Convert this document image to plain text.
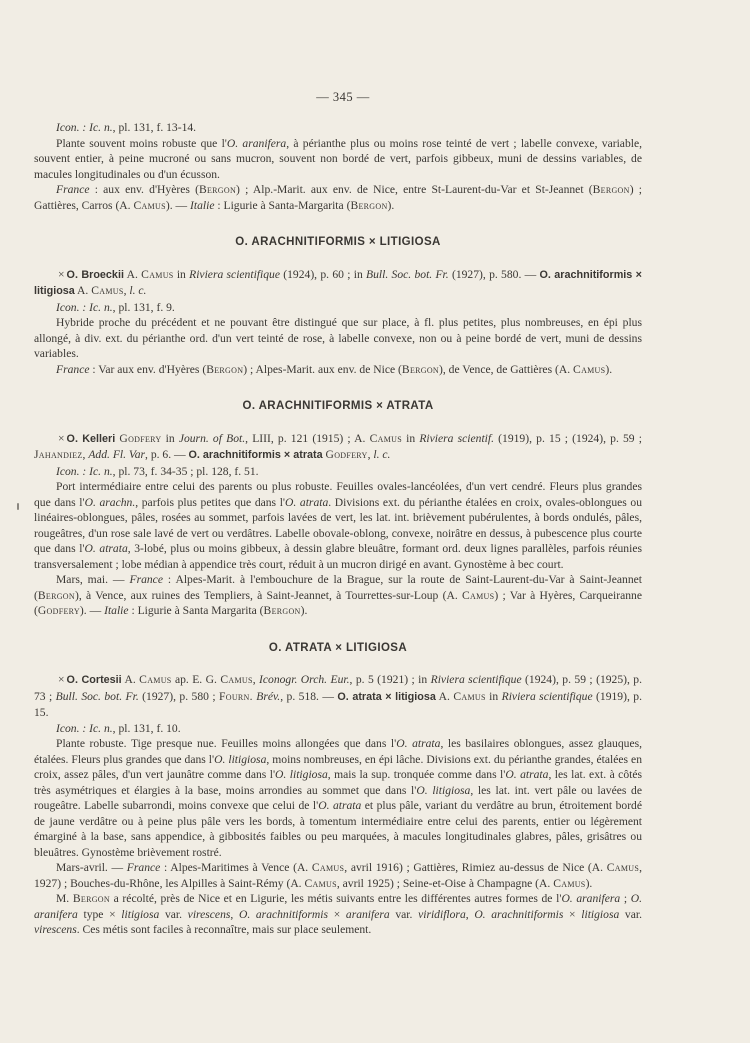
— 345 —

Icon. : Ic. n., pl. 131, f. 13-14.

Plante souvent moins robuste que l'O. aranifera, à périanthe plus ou moins rose teinté de vert ; labelle convexe, variable, souvent entier, à peine mucroné ou sans mucron, souvent non bordé de vert, parfois gibbeux, muni de dessins variables, de macules longitudinales ou d'un écusson.

France : aux env. d'Hyères (Bergon) ; Alp.-Marit. aux env. de Nice, entre St-Laurent-du-Var et St-Jeannet (Bergon) ; Gattières, Carros (A. Camus). — Italie : Ligurie à Santa-Margarita (Bergon).

O. ARACHNITIFORMIS × LITIGIOSA

× O. Broeckii A. Camus in Riviera scientifique (1924), p. 60 ; in Bull. Soc. bot. Fr. (1927), p. 580. — O. arachnitiformis × litigiosa A. Camus, l. c.

Icon. : Ic. n., pl. 131, f. 9.

Hybride proche du précédent et ne pouvant être distingué que sur place, à fl. plus petites, plus nombreuses, en épi plus allongé, à div. ext. du périanthe ord. d'un vert teinté de rose, à labelle convexe, non ou à peine bordé de vert, muni de dessins variables.

France : Var aux env. d'Hyères (Bergon) ; Alpes-Marit. aux env. de Nice (Bergon), de Vence, de Gattières (A. Camus).

O. ARACHNITIFORMIS × ATRATA

× O. Kelleri Godfery in Journ. of Bot., LIII, p. 121 (1915) ; A. Camus in Riviera scientif. (1919), p. 15 ; (1924), p. 59 ; Jahandiez, Add. Fl. Var, p. 6. — O. arachnitiformis × atrata Godfery, l. c.

Icon. : Ic. n., pl. 73, f. 34-35 ; pl. 128, f. 51.

Port intermédiaire entre celui des parents ou plus robuste. Feuilles ovales-lancéolées, d'un vert cendré. Fleurs plus grandes que dans l'O. arachn., parfois plus petites que dans l'O. atrata. Divisions ext. du périanthe étalées en croix, ovales-oblongues ou linéaires-oblongues, pâles, rosées au sommet, parfois lavées de vert, les lat. int. brièvement pubérulentes, à bords ondulés, pâles, rougeâtres, d'un rose sale lavé de vert ou verdâtres. Labelle obovale-oblong, convexe, noirâtre en dessus, à pubescence plus courte que dans l'O. atrata, 3-lobé, plus ou moins gibbeux, à dessin glabre bleuâtre, formant ord. deux lignes parallèles, parfois réunies transversalement ; lobe médian à appendice très court, réduit à un mucron dirigé en avant. Gynostème à bec court.

Mars, mai. — France : Alpes-Marit. à l'embouchure de la Brague, sur la route de Saint-Laurent-du-Var à Saint-Jeannet (Bergon), à Vence, aux ruines des Templiers, à Saint-Jeannet, à Tourrettes-sur-Loup (A. Camus) ; Var à Hyères, Carqueiranne (Godfery). — Italie : Ligurie à Santa Margarita (Bergon).

O. ATRATA × LITIGIOSA

× O. Cortesii A. Camus ap. E. G. Camus, Iconogr. Orch. Eur., p. 5 (1921) ; in Riviera scientifique (1924), p. 59 ; (1925), p. 73 ; Bull. Soc. bot. Fr. (1927), p. 580 ; Fourn. Brév., p. 518. — O. atrata × litigiosa A. Camus in Riviera scientifique (1919), p. 15.

Icon. : Ic. n., pl. 131, f. 10.

Plante robuste. Tige presque nue. Feuilles moins allongées que dans l'O. atrata, les basilaires oblongues, assez glauques, étalées. Fleurs plus grandes que dans l'O. litigiosa, moins nombreuses, en épi lâche. Divisions ext. du périanthe grandes, étalées en croix, assez pâles, d'un vert jaunâtre comme dans l'O. litigiosa, mais la sup. tronquée comme dans l'O. atrata, les lat. ext. à côtés très asymétriques et élargies à la base, moins arrondies au sommet que dans l'O. litigiosa, les lat. int. vert pâle ou lavées de rougeâtre. Labelle subarrondi, moins convexe que celui de l'O. atrata et plus pâle, variant du verdâtre au brun, étroitement bordé de jaune verdâtre ou à peine plus pâle vers les bords, à tomentum intermédiaire entre celui des parents, entier ou légèrement émarginé à la base, sans appendice, à gibbosités faibles ou peu marquées, à macules longitudinales glabres, pâles, grisâtres ou bleuâtres. Gynostème brièvement rostré.

Mars-avril. — France : Alpes-Maritimes à Vence (A. Camus, avril 1916) ; Gattières, Rimiez au-dessus de Nice (A. Camus, 1927) ; Bouches-du-Rhône, les Alpilles à Saint-Rémy (A. Camus, avril 1925) ; Seine-et-Oise à Champagne (A. Camus).

M. Bergon a récolté, près de Nice et en Ligurie, les métis suivants entre les différentes autres formes de l'O. aranifera ; O. aranifera type × litigiosa var. virescens, O. arachnitiformis × aranifera var. viridiflora, O. arachnitiformis × litigiosa var. virescens. Ces métis sont faciles à reconnaître, mais sur place seulement.
